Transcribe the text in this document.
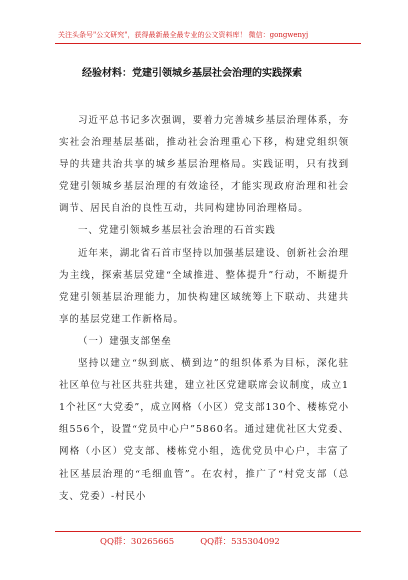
关注头条号"公文研究"，获得最新最全最专业的公文资料库！ 微信：gongwenyj
经验材料：党建引领城乡基层社会治理的实践探索

习近平总书记多次强调，要着力完善城乡基层治理体系，夯实社会治理基层基础，推动社会治理重心下移，构建党组织领导的共建共治共享的城乡基层治理格局。实践证明，只有找到党建引领城乡基层治理的有效途径，才能实现政府治理和社会调节、居民自治的良性互动，共同构建协同治理格局。

一、党建引领城乡基层社会治理的石首实践

近年来，湖北省石首市坚持以加强基层建设、创新社会治理为主线，探索基层党建“全域推进、整体提升”行动，不断提升党建引领基层治理能力，加快构建区域统筹上下联动、共建共享的基层党建工作新格局。

（一）建强支部堡垒

坚持以建立“纵到底、横到边”的组织体系为目标，深化驻社区单位与社区共驻共建，建立社区党建联席会议制度，成立11个社区“大党委”，成立网格（小区）党支部130个、楼栋党小组556个，设置“党员中心户”5860名。通过建优社区大党委、网格（小区）党支部、楼栋党小组，选优党员中心户，丰富了社区基层治理的“毛细血管”。在农村，推广了“村党支部（总支、党委）-村民小

QQ群：30265665	QQ群：535304092
